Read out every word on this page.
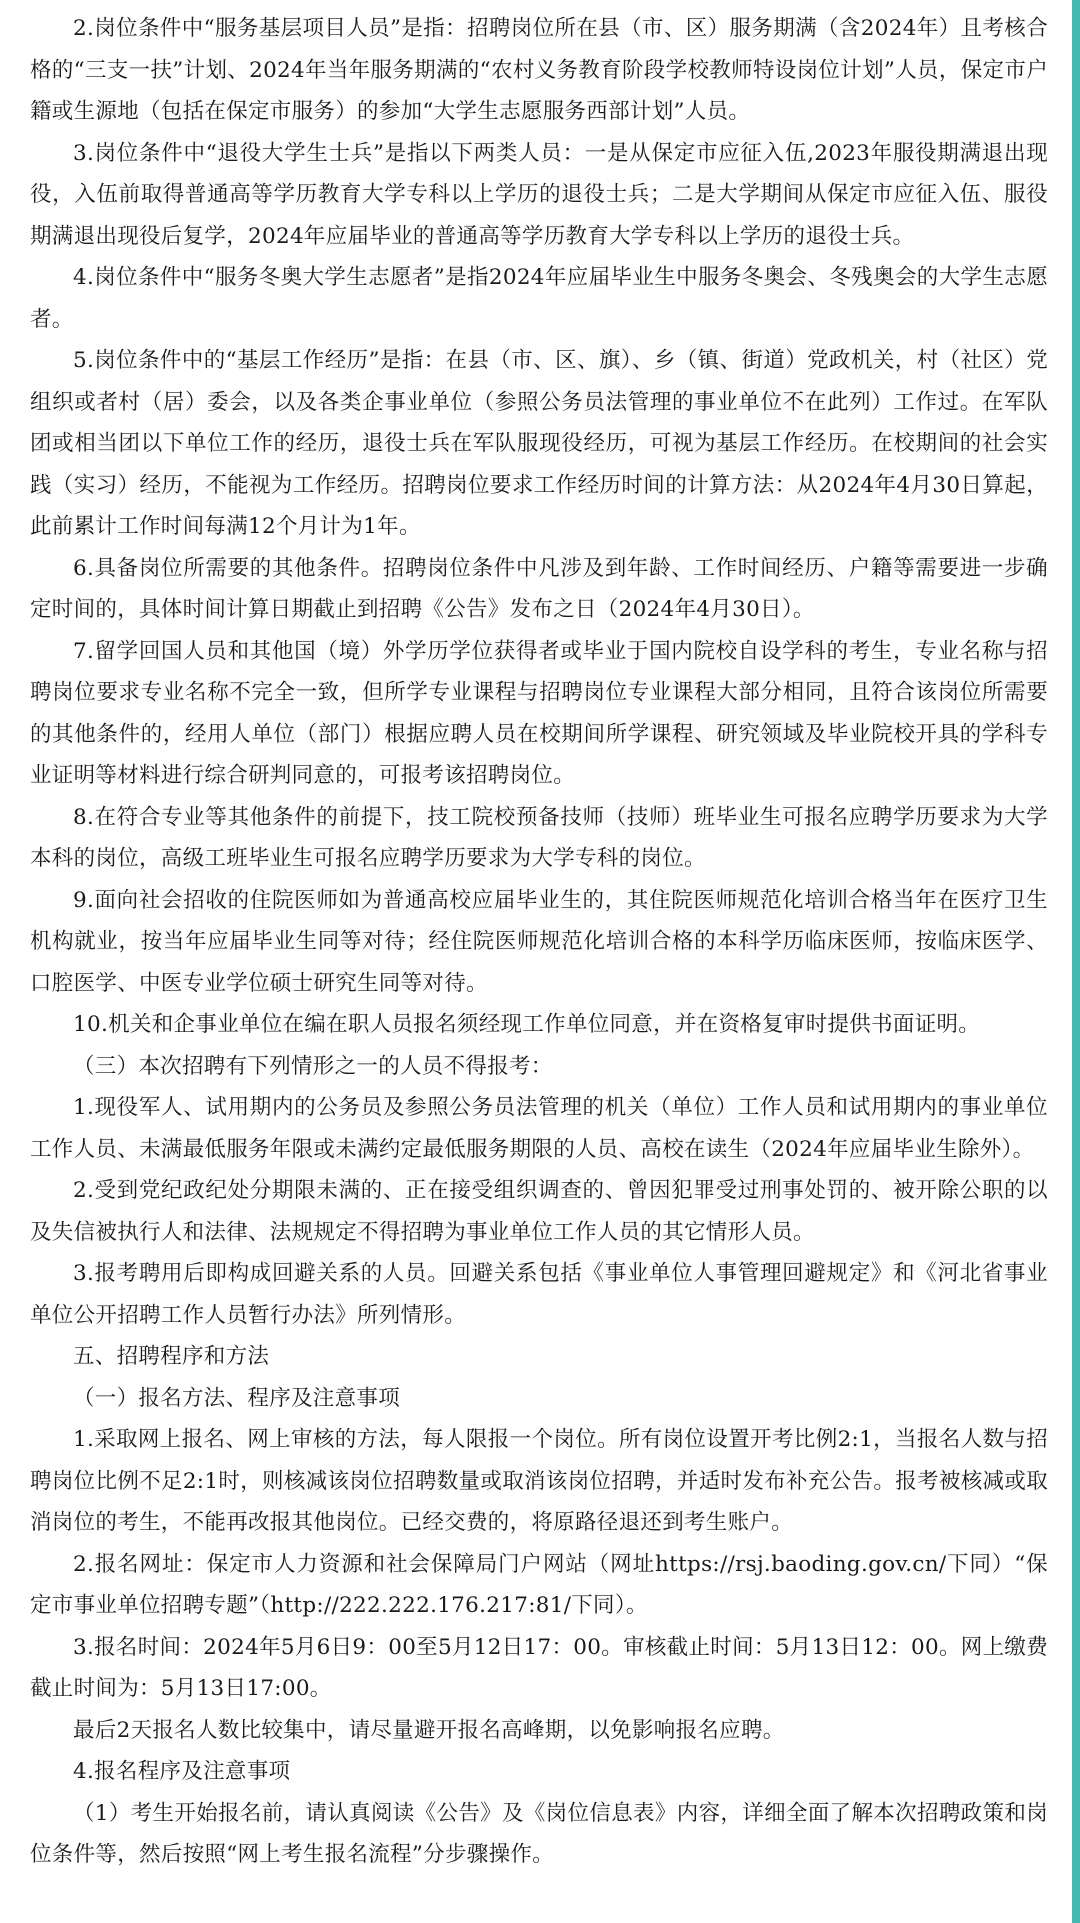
2.岗位条件中“服务基层项目人员”是指：招聘岗位所在县（市、区）服务期满（含2024年）且考核合格的“三支一扶”计划、2024年当年服务期满的“农村义务教育阶段学校教师特设岗位计划”人员，保定市户籍或生源地（包括在保定市服务）的参加“大学生志愿服务西部计划”人员。

3.岗位条件中“退役大学生士兵”是指以下两类人员：一是从保定市应征入伍,2023年服役期满退出现役，入伍前取得普通高等学历教育大学专科以上学历的退役士兵；二是大学期间从保定市应征入伍、服役期满退出现役后复学，2024年应届毕业的普通高等学历教育大学专科以上学历的退役士兵。

4.岗位条件中“服务冬奥大学生志愿者”是指2024年应届毕业生中服务冬奥会、冬残奥会的大学生志愿者。

5.岗位条件中的“基层工作经历”是指：在县（市、区、旗）、乡（镇、街道）党政机关，村（社区）党组织或者村（居）委会，以及各类企事业单位（参照公务员法管理的事业单位不在此列）工作过。在军队团或相当团以下单位工作的经历，退役士兵在军队服现役经历，可视为基层工作经历。在校期间的社会实践（实习）经历，不能视为工作经历。招聘岗位要求工作经历时间的计算方法：从2024年4月30日算起，此前累计工作时间每满12个月计为1年。

6.具备岗位所需要的其他条件。招聘岗位条件中凡涉及到年龄、工作时间经历、户籍等需要进一步确定时间的，具体时间计算日期截止到招聘《公告》发布之日（2024年4月30日）。

7.留学回国人员和其他国（境）外学历学位获得者或毕业于国内院校自设学科的考生，专业名称与招聘岗位要求专业名称不完全一致，但所学专业课程与招聘岗位专业课程大部分相同，且符合该岗位所需要的其他条件的，经用人单位（部门）根据应聘人员在校期间所学课程、研究领域及毕业院校开具的学科专业证明等材料进行综合研判同意的，可报考该招聘岗位。

8.在符合专业等其他条件的前提下，技工院校预备技师（技师）班毕业生可报名应聘学历要求为大学本科的岗位，高级工班毕业生可报名应聘学历要求为大学专科的岗位。

9.面向社会招收的住院医师如为普通高校应届毕业生的，其住院医师规范化培训合格当年在医疗卫生机构就业，按当年应届毕业生同等对待；经住院医师规范化培训合格的本科学历临床医师，按临床医学、口腔医学、中医专业学位硕士研究生同等对待。

10.机关和企事业单位在编在职人员报名须经现工作单位同意，并在资格复审时提供书面证明。

（三）本次招聘有下列情形之一的人员不得报考：

1.现役军人、试用期内的公务员及参照公务员法管理的机关（单位）工作人员和试用期内的事业单位工作人员、未满最低服务年限或未满约定最低服务期限的人员、高校在读生（2024年应届毕业生除外）。

2.受到党纪政纪处分期限未满的、正在接受组织调查的、曾因犯罪受过刑事处罚的、被开除公职的以及失信被执行人和法律、法规规定不得招聘为事业单位工作人员的其它情形人员。

3.报考聘用后即构成回避关系的人员。回避关系包括《事业单位人事管理回避规定》和《河北省事业单位公开招聘工作人员暂行办法》所列情形。

五、招聘程序和方法

（一）报名方法、程序及注意事项

1.采取网上报名、网上审核的方法，每人限报一个岗位。所有岗位设置开考比例2:1，当报名人数与招聘岗位比例不足2:1时，则核减该岗位招聘数量或取消该岗位招聘，并适时发布补充公告。报考被核减或取消岗位的考生，不能再改报其他岗位。已经交费的，将原路径退还到考生账户。

2.报名网址：保定市人力资源和社会保障局门户网站（网址https://rsj.baoding.gov.cn/下同）“保定市事业单位招聘专题”（http://222.222.176.217:81/下同）。

3.报名时间：2024年5月6日9：00至5月12日17：00。审核截止时间：5月13日12：00。网上缴费截止时间为：5月13日17:00。

最后2天报名人数比较集中，请尽量避开报名高峰期，以免影响报名应聘。

4.报名程序及注意事项

（1）考生开始报名前，请认真阅读《公告》及《岗位信息表》内容，详细全面了解本次招聘政策和岗位条件等，然后按照“网上考生报名流程”分步骤操作。
